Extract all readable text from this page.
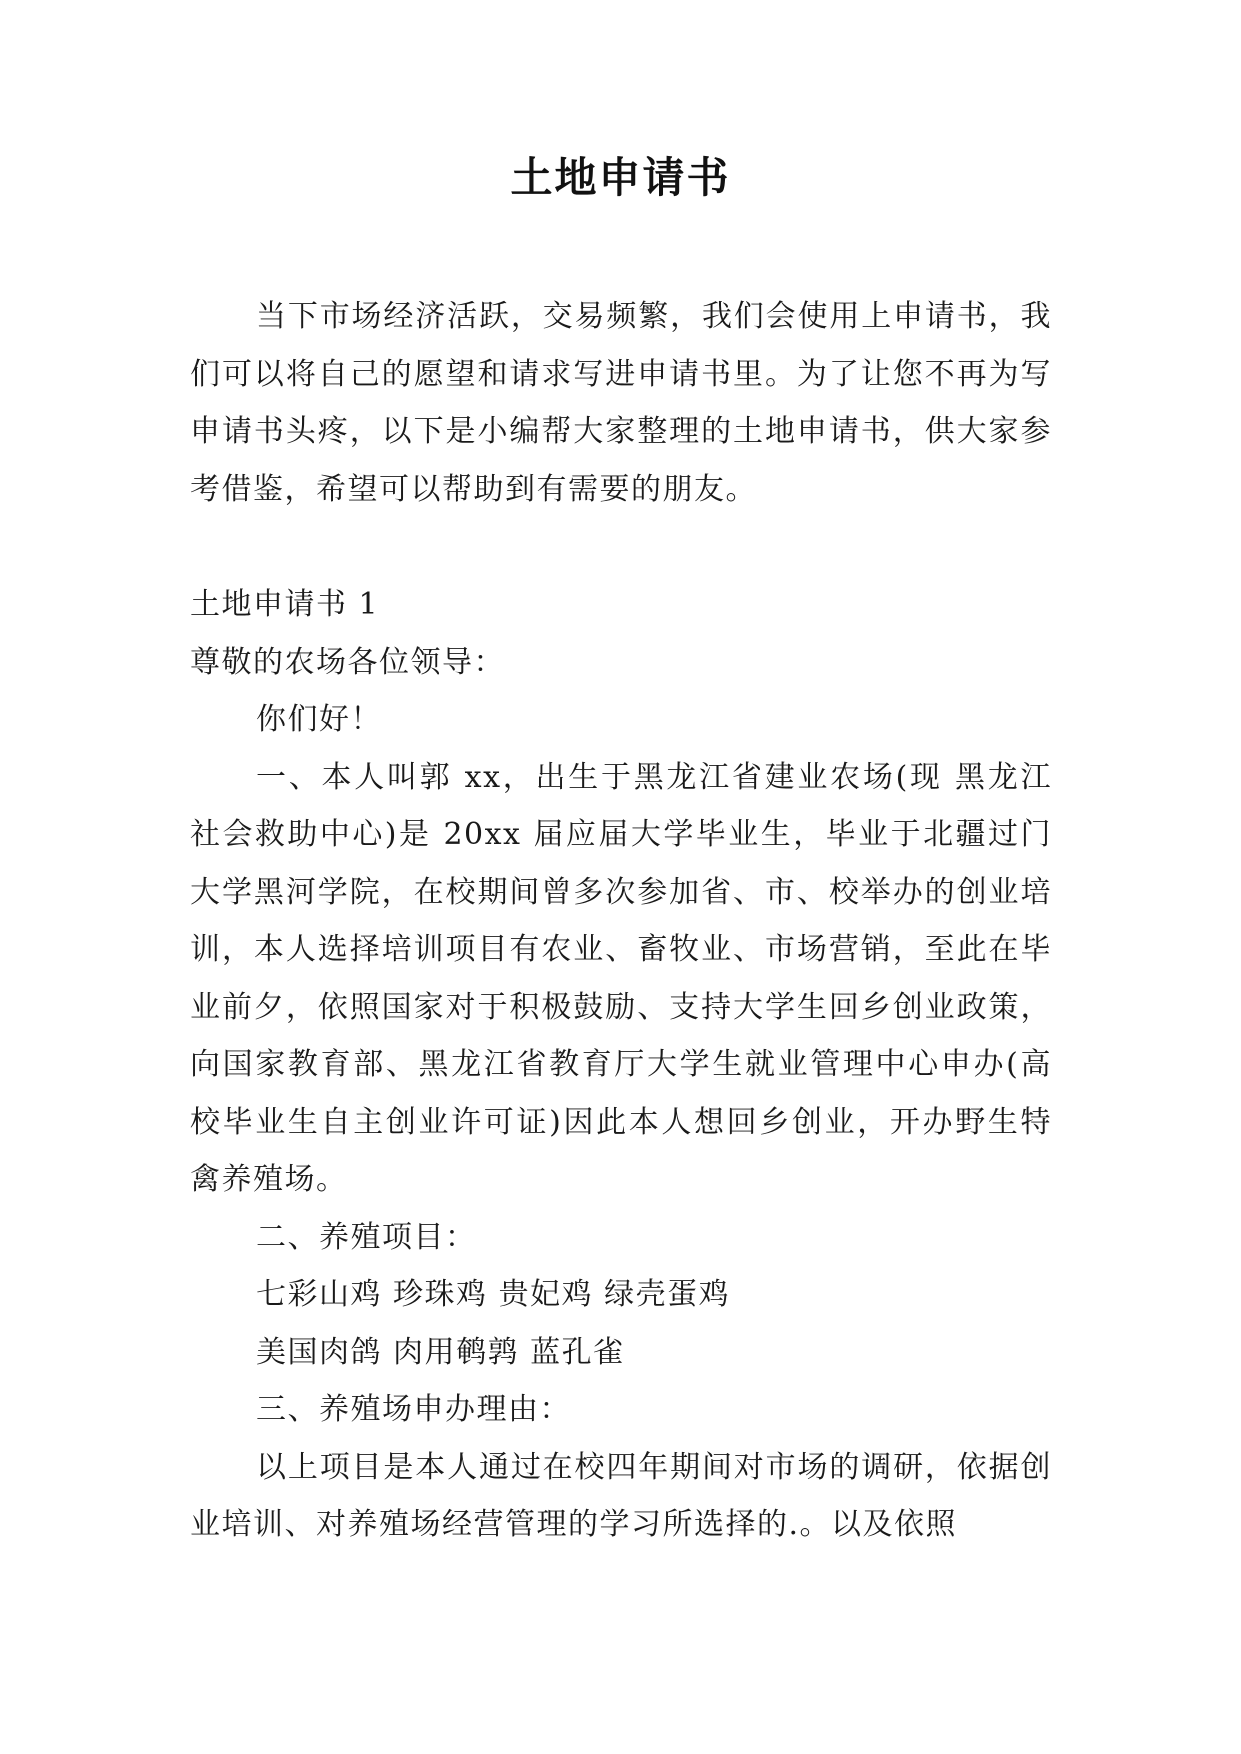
土地申请书

当下市场经济活跃，交易频繁，我们会使用上申请书，我们可以将自己的愿望和请求写进申请书里。为了让您不再为写申请书头疼，以下是小编帮大家整理的土地申请书，供大家参考借鉴，希望可以帮助到有需要的朋友。

土地申请书 1

尊敬的农场各位领导：

你们好！

一、本人叫郭 xx，出生于黑龙江省建业农场(现 黑龙江社会救助中心)是 20xx 届应届大学毕业生，毕业于北疆过门大学黑河学院，在校期间曾多次参加省、市、校举办的创业培训，本人选择培训项目有农业、畜牧业、市场营销，至此在毕业前夕，依照国家对于积极鼓励、支持大学生回乡创业政策，向国家教育部、黑龙江省教育厅大学生就业管理中心申办(高校毕业生自主创业许可证)因此本人想回乡创业，开办野生特禽养殖场。

二、养殖项目：

七彩山鸡 珍珠鸡 贵妃鸡 绿壳蛋鸡

美国肉鸽 肉用鹌鹑 蓝孔雀

三、养殖场申办理由：

以上项目是本人通过在校四年期间对市场的调研，依据创业培训、对养殖场经营管理的学习所选择的.。以及依照
